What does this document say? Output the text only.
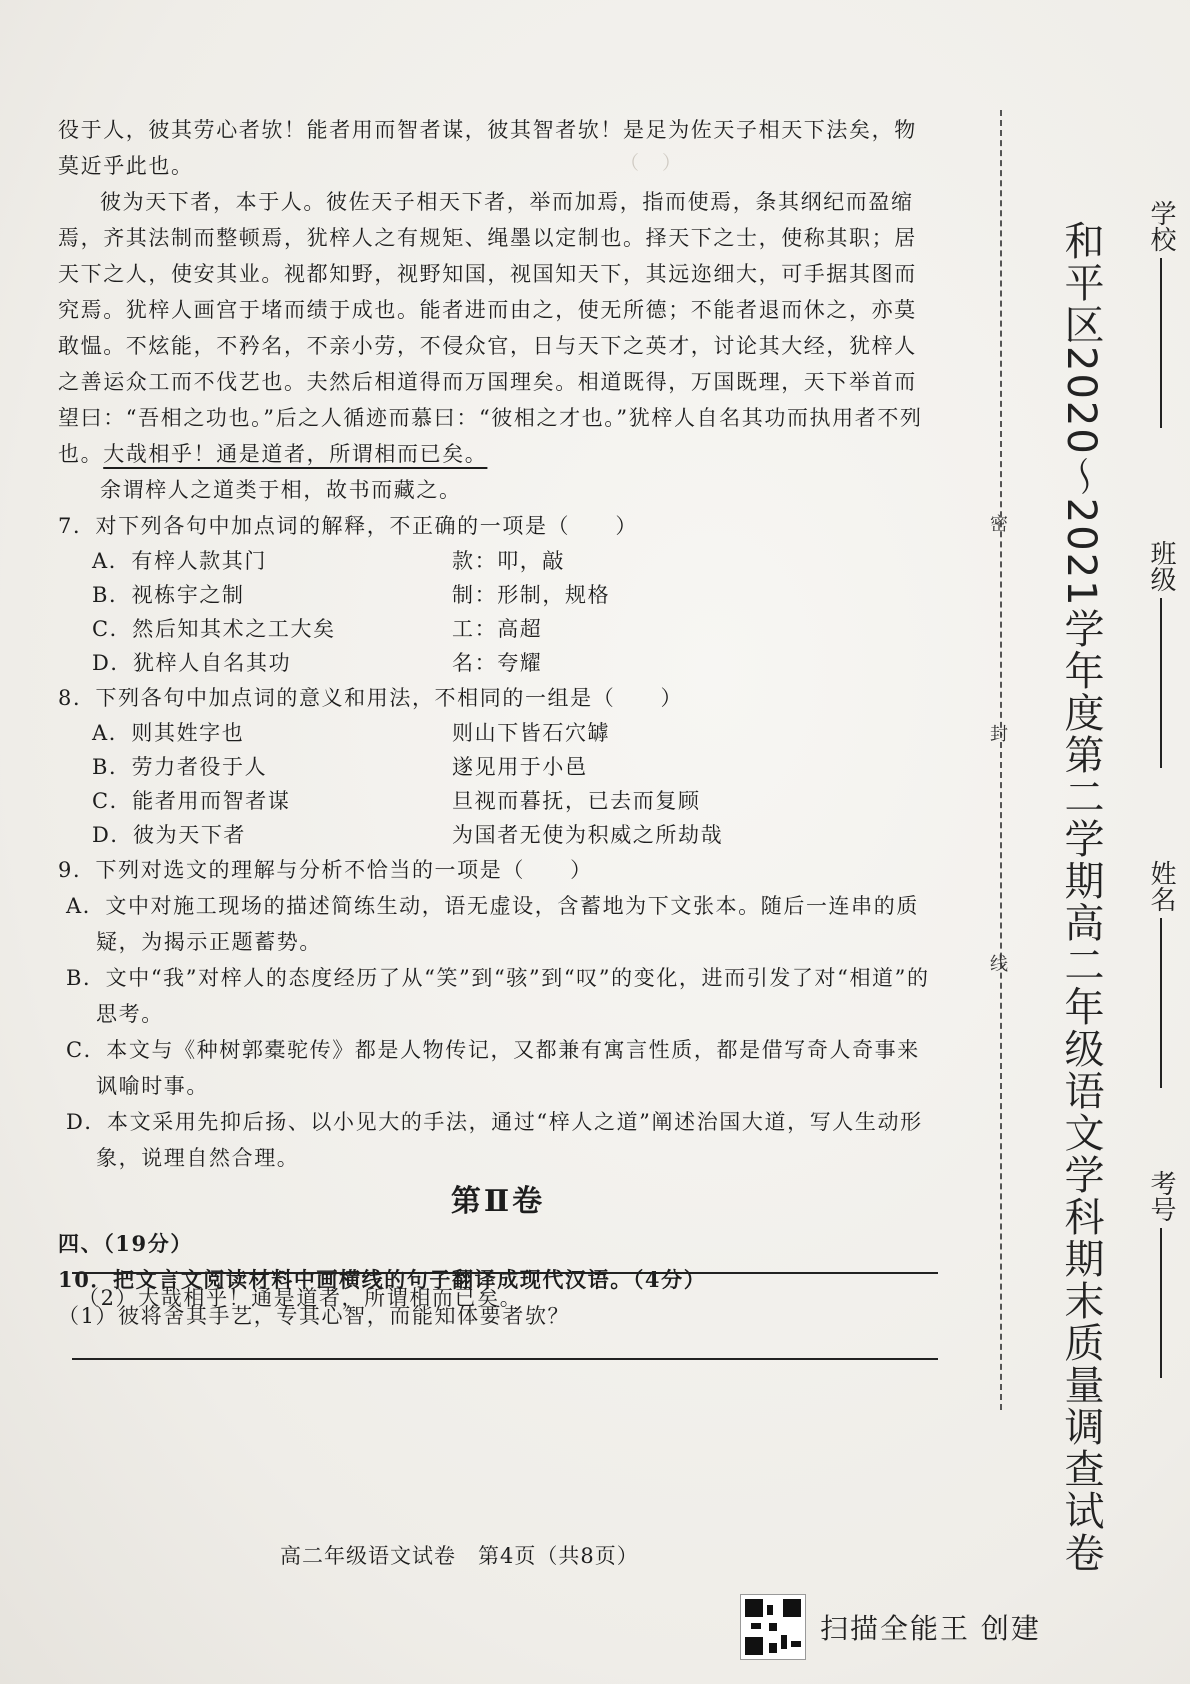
（　）　　　　　　　　

役于人，彼其劳心者欤！能者用而智者谋，彼其智者欤！是足为佐天子相天下法矣，物莫近乎此也。

彼为天下者，本于人。彼佐天子相天下者，举而加焉，指而使焉，条其纲纪而盈缩焉，齐其法制而整顿焉，犹梓人之有规矩、绳墨以定制也。择天下之士，使称其职；居天下之人，使安其业。视都知野，视野知国，视国知天下，其远迩细大，可手据其图而究焉。犹梓人画宫于堵而绩于成也。能者进而由之，使无所德；不能者退而休之，亦莫敢愠。不炫能，不矜名，不亲小劳，不侵众官，日与天下之英才，讨论其大经，犹梓人之善运众工而不伐艺也。夫然后相道得而万国理矣。相道既得，万国既理，天下举首而望曰：“吾相之功也。”后之人循迹而慕曰：“彼相之才也。”犹梓人自名其功而执用者不列也。大哉相乎！通是道者，所谓相而已矣。

余谓梓人之道类于相，故书而藏之。

7．对下列各句中加点词的解释，不正确的一项是（　　）

A．有梓人款其门	款：叩，敲
B．视栋宇之制	制：形制，规格
C．然后知其术之工大矣	工：高超
D．犹梓人自名其功	名：夸耀

8．下列各句中加点词的意义和用法，不相同的一组是（　　）

A．则其姓字也	则山下皆石穴罅
B．劳力者役于人	遂见用于小邑
C．能者用而智者谋	旦视而暮抚，已去而复顾
D．彼为天下者	为国者无使为积威之所劫哉

9．下列对选文的理解与分析不恰当的一项是（　　）

A．文中对施工现场的描述简练生动，语无虚设，含蓄地为下文张本。随后一连串的质疑，为揭示正题蓄势。

B．文中“我”对梓人的态度经历了从“笑”到“骇”到“叹”的变化，进而引发了对“相道”的思考。

C．本文与《种树郭橐驼传》都是人物传记，又都兼有寓言性质，都是借写奇人奇事来讽喻时事。

D．本文采用先抑后扬、以小见大的手法，通过“梓人之道”阐述治国大道，写人生动形象，说理自然合理。

第Ⅱ卷

四、（19分）

10．把文言文阅读材料中画横线的句子翻译成现代汉语。（4分）

（1）彼将舍其手艺，专其心智，而能知体要者欤？

（2）大哉相乎！通是道者，所谓相而已矣。
密
封
线	和平区2020～2021学年度第二学期高二年级语文学科期末质量调查试卷 学校
班级
姓名
考号
高二年级语文试卷　第4页（共8页）
扫描全能王 创建
